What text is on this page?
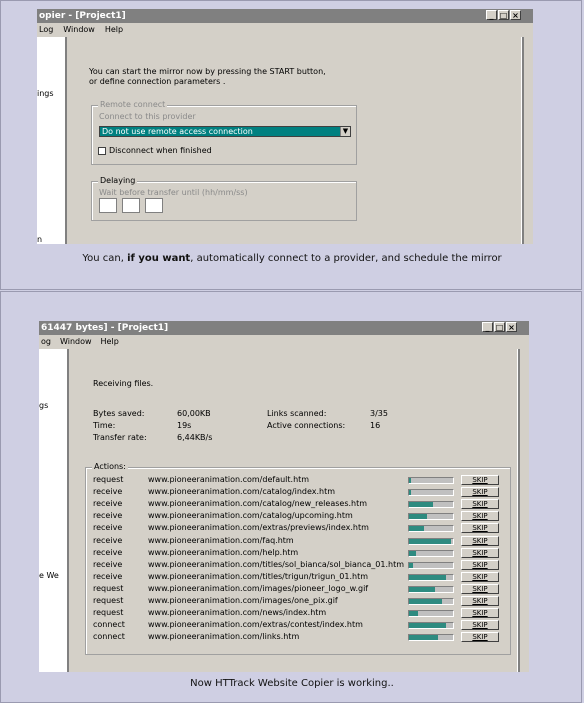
opier - [Project1]	_ □ ×
Log Window Help
ings
n
You can start the mirror now by pressing the START button,
or define connection parameters .
Remote connect
Connect to this provider
Do not use remote access connection	▼
Disconnect when finished
Delaying
Wait before transfer until (hh/mm/ss)
You can, if you want, automatically connect to a provider, and schedule the mirror
61447 bytes] - [Project1]	_ □ ×
og Window Help
gs
e We
Receiving files.
Bytes saved:	60,00KB
Time:	19s
Transfer rate:	6,44KB/s
Links scanned:	3/35
Active connections:	16
Actions:
request	www.pioneeranimation.com/default.htm	SKIP
receive	www.pioneeranimation.com/catalog/index.htm	SKIP
receive	www.pioneeranimation.com/catalog/new_releases.htm	SKIP
receive	www.pioneeranimation.com/catalog/upcoming.htm	SKIP
receive	www.pioneeranimation.com/extras/previews/index.htm	SKIP
receive	www.pioneeranimation.com/faq.htm	SKIP
receive	www.pioneeranimation.com/help.htm	SKIP
receive	www.pioneeranimation.com/titles/sol_bianca/sol_bianca_01.htm	SKIP
receive	www.pioneeranimation.com/titles/trigun/trigun_01.htm	SKIP
request	www.pioneeranimation.com/images/pioneer_logo_w.gif	SKIP
request	www.pioneeranimation.com/images/one_pix.gif	SKIP
request	www.pioneeranimation.com/news/index.htm	SKIP
connect	www.pioneeranimation.com/extras/contest/index.htm	SKIP
connect	www.pioneeranimation.com/links.htm	SKIP
Now HTTrack Website Copier is working..
